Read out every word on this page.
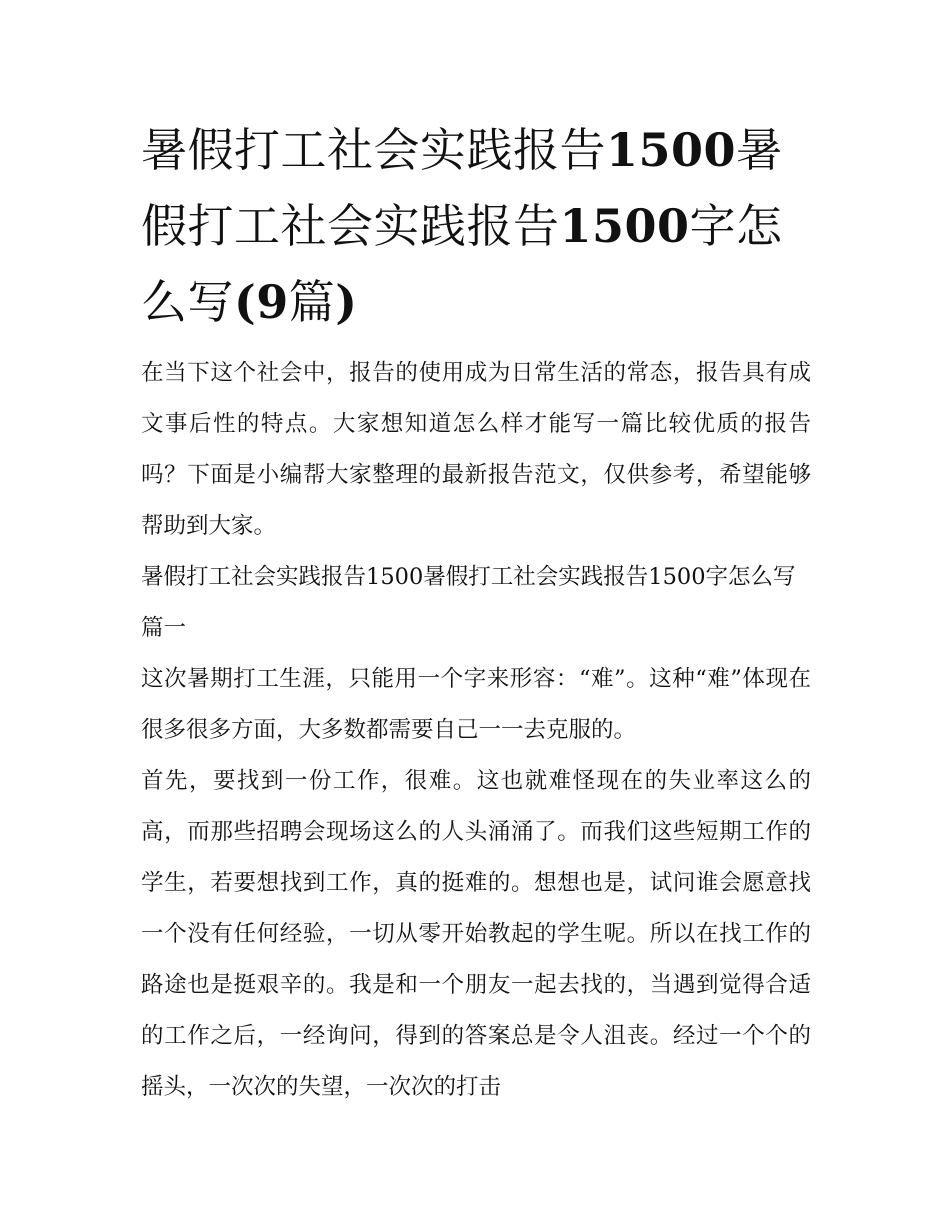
暑假打工社会实践报告1500暑假打工社会实践报告1500字怎么写(9篇)

在当下这个社会中，报告的使用成为日常生活的常态，报告具有成文事后性的特点。大家想知道怎么样才能写一篇比较优质的报告吗？下面是小编帮大家整理的最新报告范文，仅供参考，希望能够帮助到大家。

暑假打工社会实践报告1500暑假打工社会实践报告1500字怎么写篇一

这次暑期打工生涯，只能用一个字来形容：“难”。这种“难”体现在很多很多方面，大多数都需要自己一一去克服的。

首先，要找到一份工作，很难。这也就难怪现在的失业率这么的高，而那些招聘会现场这么的人头涌涌了。而我们这些短期工作的学生，若要想找到工作，真的挺难的。想想也是，试问谁会愿意找一个没有任何经验，一切从零开始教起的学生呢。所以在找工作的路途也是挺艰辛的。我是和一个朋友一起去找的，当遇到觉得合适的工作之后，一经询问，得到的答案总是令人沮丧。经过一个个的摇头，一次次的失望，一次次的打击
